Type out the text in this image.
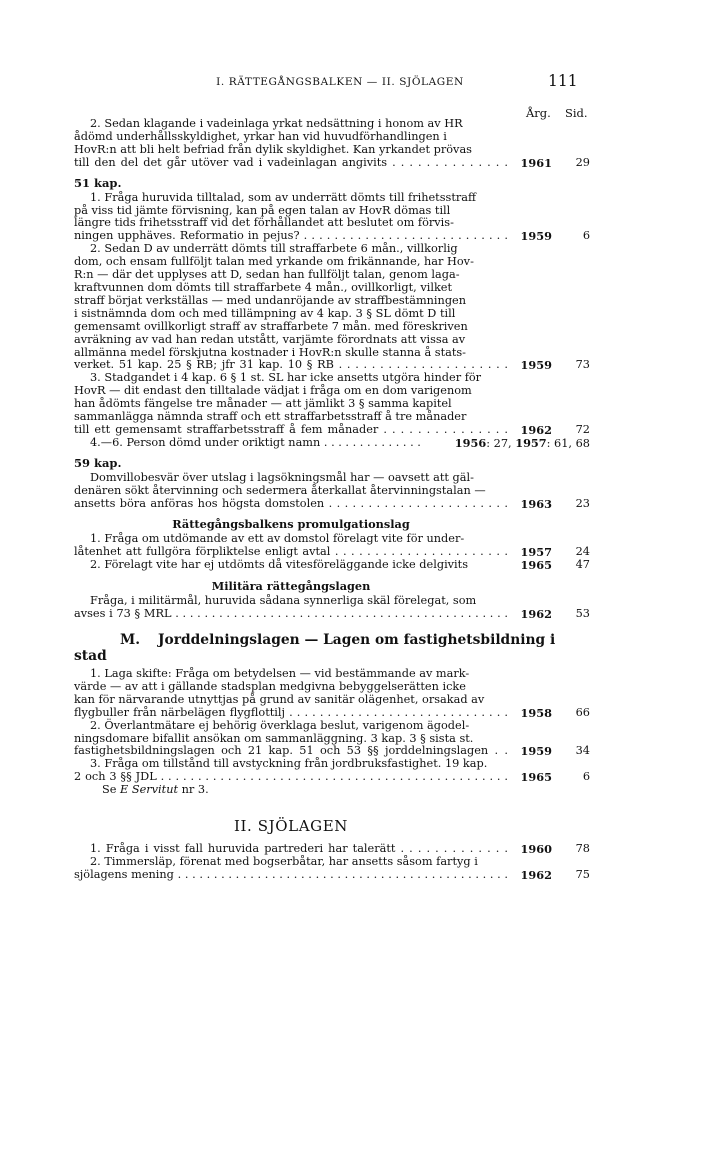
I. RÄTTEGÅNGSBALKEN — II. SJÖLAGEN	111
Årg. Sid.
2. Sedan klagande i vadeinlaga yrkat nedsättning i honom av HR
ådömd underhållsskyldighet, yrkar han vid huvudförhandlingen i
HovR:n att bli helt befriad från dylik skyldighet. Kan yrkandet prövas
till den del det går utöver vad i vadeinlagan angivits . . . . . . . . . . . . . .	1961	29
51 kap.
1. Fråga huruvida tilltalad, som av underrätt dömts till frihetsstraff
på viss tid jämte förvisning, kan på egen talan av HovR dömas till
längre tids frihetsstraff vid det förhållandet att beslutet om förvis-
ningen upphäves. Reformatio in pejus? . . . . . . . . . . . . . . . . . . . . . . . . . . .	1959	6
2. Sedan D av underrätt dömts till straffarbete 6 mån., villkorlig
dom, och ensam fullföljt talan med yrkande om frikännande, har Hov-
R:n — där det upplyses att D, sedan han fullföljt talan, genom laga-
kraftvunnen dom dömts till straffarbete 4 mån., ovillkorligt, vilket
straff börjat verkställas — med undanröjande av straffbestämningen
i sistnämnda dom och med tillämpning av 4 kap. 3 § SL dömt D till
gemensamt ovillkorligt straff av straffarbete 7 mån. med föreskriven
avräkning av vad han redan utstått, varjämte förordnats att vissa av
allmänna medel förskjutna kostnader i HovR:n skulle stanna å stats-
verket. 51 kap. 25 § RB; jfr 31 kap. 10 § RB . . . . . . . . . . . . . . . . . . . . .	1959	73
3. Stadgandet i 4 kap. 6 § 1 st. SL har icke ansetts utgöra hinder för
HovR — dit endast den tilltalade vädjat i fråga om en dom varigenom
han ådömts fängelse tre månader — att jämlikt 3 § samma kapitel
sammanlägga nämnda straff och ett straffarbetsstraff å tre månader
till ett gemensamt straffarbetsstraff å fem månader . . . . . . . . . . . . . . .	1962	72
4.—6. Person dömd under oriktigt namn . . . . . . . . . . . . . .	1956: 27, 1957: 61, 68
59 kap.
Domvillobesvär över utslag i lagsökningsmål har — oavsett att gäl-
denären sökt återvinning och sedermera återkallat återvinningstalan —
ansetts böra anföras hos högsta domstolen . . . . . . . . . . . . . . . . . . . . . . .	1963	23
Rättegångsbalkens promulgationslag
1. Fråga om utdömande av ett av domstol förelagt vite för under-
låtenhet att fullgöra förpliktelse enligt avtal . . . . . . . . . . . . . . . . . . . . . .	1957	24
2. Förelagt vite har ej utdömts då vitesföreläggande icke delgivits	1965	47
Militära rättegångslagen
Fråga, i militärmål, huruvida sådana synnerliga skäl förelegat, som
avses i 73 § MRL . . . . . . . . . . . . . . . . . . . . . . . . . . . . . . . . . . . . . . . . . . . . . .	1962	53
M. Jorddelningslagen — Lagen om fastighetsbildning i stad
1. Laga skifte: Fråga om betydelsen — vid bestämmande av mark-
värde — av att i gällande stadsplan medgivna bebyggelserätten icke
kan för närvarande utnyttjas på grund av sanitär olägenhet, orsakad av
flygbuller från närbelägen flygflottilj . . . . . . . . . . . . . . . . . . . . . . . . . . . . .	1958	66
2. Överlantmätare ej behörig överklaga beslut, varigenom ägodel-
ningsdomare bifallit ansökan om sammanläggning. 3 kap. 3 § sista st.
fastighetsbildningslagen och 21 kap. 51 och 53 §§ jorddelningslagen . .	1959	34
3. Fråga om tillstånd till avstyckning från jordbruksfastighet. 19 kap.
2 och 3 §§ JDL . . . . . . . . . . . . . . . . . . . . . . . . . . . . . . . . . . . . . . . . . . . . . . .	1965	6
Se E Servitut nr 3.
II. SJÖLAGEN
1. Fråga i visst fall huruvida partrederi har talerätt . . . . . . . . . . . . .	1960	78
2. Timmersläp, förenat med bogserbåtar, har ansetts såsom fartyg i
sjölagens mening . . . . . . . . . . . . . . . . . . . . . . . . . . . . . . . . . . . . . . . . . . . . . .	1962	75
